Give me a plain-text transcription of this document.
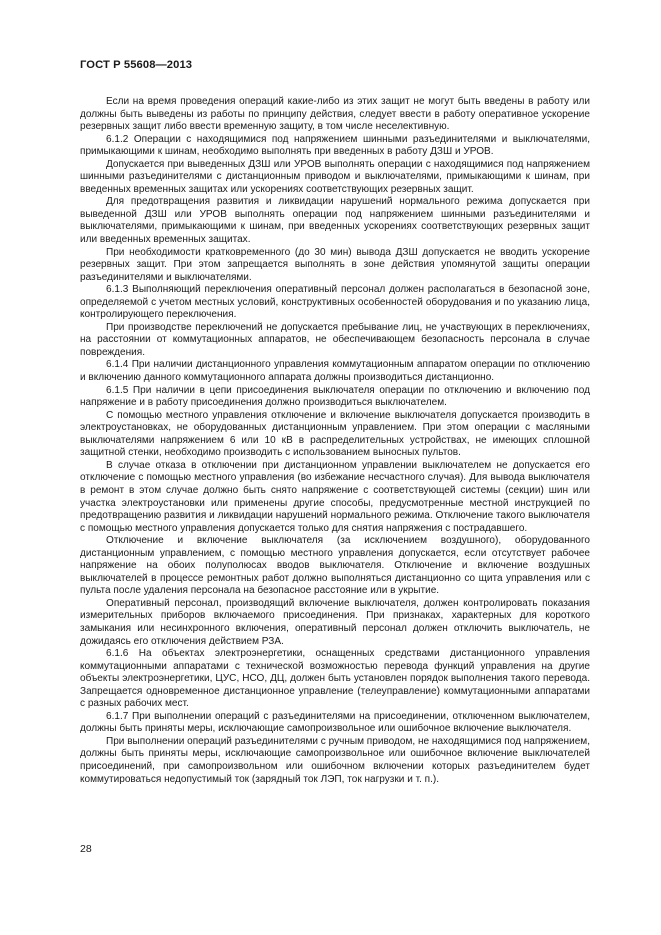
ГОСТ Р 55608—2013

Если на время проведения операций какие-либо из этих защит не могут быть введены в работу или должны быть выведены из работы по принципу действия, следует ввести в работу оперативное ускорение резервных защит либо ввести временную защиту, в том числе неселективную.

6.1.2 Операции с находящимися под напряжением шинными разъединителями и выключателями, примыкающими к шинам, необходимо выполнять при введенных в работу ДЗШ и УРОВ.

Допускается при выведенных ДЗШ или УРОВ выполнять операции с находящимися под напряжением шинными разъединителями с дистанционным приводом и выключателями, примыкающими к шинам, при введенных временных защитах или ускорениях соответствующих резервных защит.

Для предотвращения развития и ликвидации нарушений нормального режима допускается при выведенной ДЗШ или УРОВ выполнять операции под напряжением шинными разъединителями и выключателями, примыкающими к шинам, при введенных ускорениях соответствующих резервных защит или введенных временных защитах.

При необходимости кратковременного (до 30 мин) вывода ДЗШ допускается не вводить ускорение резервных защит. При этом запрещается выполнять в зоне действия упомянутой защиты операции разъединителями и выключателями.

6.1.3 Выполняющий переключения оперативный персонал должен располагаться в безопасной зоне, определяемой с учетом местных условий, конструктивных особенностей оборудования и по указанию лица, контролирующего переключения.

При производстве переключений не допускается пребывание лиц, не участвующих в переключениях, на расстоянии от коммутационных аппаратов, не обеспечивающем безопасность персонала в случае повреждения.

6.1.4 При наличии дистанционного управления коммутационным аппаратом операции по отключению и включению данного коммутационного аппарата должны производиться дистанционно.

6.1.5 При наличии в цепи присоединения выключателя операции по отключению и включению под напряжение и в работу присоединения должно производиться выключателем.

С помощью местного управления отключение и включение выключателя допускается производить в электроустановках, не оборудованных дистанционным управлением. При этом операции с масляными выключателями напряжением 6 или 10 кВ в распределительных устройствах, не имеющих сплошной защитной стенки, необходимо производить с использованием выносных пультов.

В случае отказа в отключении при дистанционном управлении выключателем не допускается его отключение с помощью местного управления (во избежание несчастного случая). Для вывода выключателя в ремонт в этом случае должно быть снято напряжение с соответствующей системы (секции) шин или участка электроустановки или применены другие способы, предусмотренные местной инструкцией по предотвращению развития и ликвидации нарушений нормального режима. Отключение такого выключателя с помощью местного управления допускается только для снятия напряжения с пострадавшего.

Отключение и включение выключателя (за исключением воздушного), оборудованного дистанционным управлением, с помощью местного управления допускается, если отсутствует рабочее напряжение на обоих полуполюсах вводов выключателя. Отключение и включение воздушных выключателей в процессе ремонтных работ должно выполняться дистанционно со щита управления или с пульта после удаления персонала на безопасное расстояние или в укрытие.

Оперативный персонал, производящий включение выключателя, должен контролировать показания измерительных приборов включаемого присоединения. При признаках, характерных для короткого замыкания или несинхронного включения, оперативный персонал должен отключить выключатель, не дожидаясь его отключения действием РЗА.

6.1.6 На объектах электроэнергетики, оснащенных средствами дистанционного управления коммутационными аппаратами с технической возможностью перевода функций управления на другие объекты электроэнергетики, ЦУС, НСО, ДЦ, должен быть установлен порядок выполнения такого перевода. Запрещается одновременное дистанционное управление (телеуправление) коммутационными аппаратами с разных рабочих мест.

6.1.7 При выполнении операций с разъединителями на присоединении, отключенном выключателем, должны быть приняты меры, исключающие самопроизвольное или ошибочное включение выключателя.

При выполнении операций разъединителями с ручным приводом, не находящимися под напряжением, должны быть приняты меры, исключающие самопроизвольное или ошибочное включение выключателей присоединений, при самопроизвольном или ошибочном включении которых разъединителем будет коммутироваться недопустимый ток (зарядный ток ЛЭП, ток нагрузки и т. п.).

28
